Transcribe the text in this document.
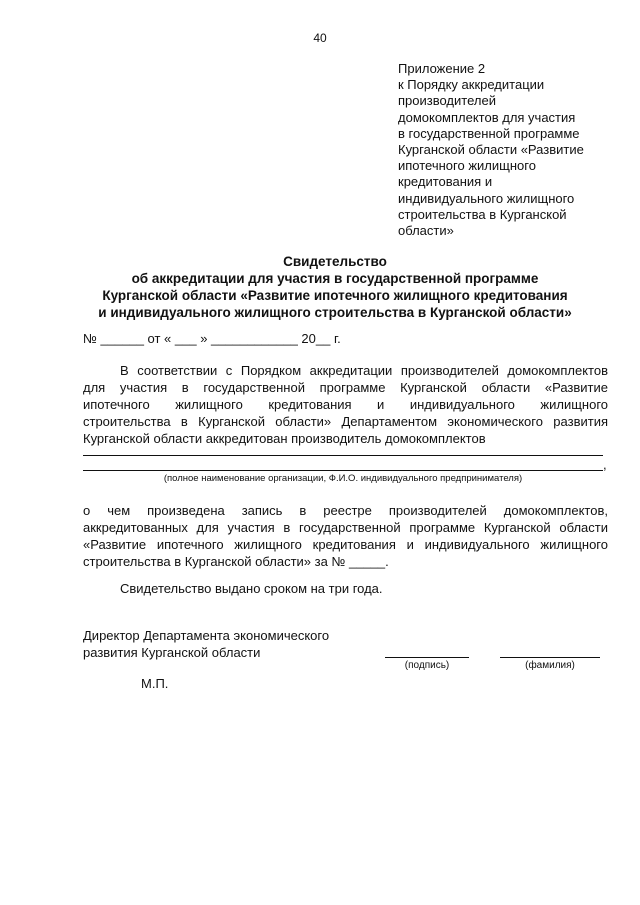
40
Приложение 2
к Порядку аккредитации
производителей
домокомплектов для участия
в государственной программе
Курганской области «Развитие
ипотечного жилищного
кредитования и
индивидуального жилищного
строительства в Курганской
области»
Свидетельство
об аккредитации для участия в государственной программе
Курганской области «Развитие ипотечного жилищного кредитования
и индивидуального жилищного строительства в Курганской области»
№ ______ от « ___ » ____________ 20__ г.
В соответствии с Порядком аккредитации производителей домокомплектов
для участия в государственной программе Курганской области «Развитие
ипотечного жилищного кредитования и индивидуального жилищного
строительства в Курганской области» Департаментом экономического развития
Курганской области аккредитован производитель домокомплектов
,
(полное наименование организации, Ф.И.О. индивидуального предпринимателя)
о чем произведена запись в реестре производителей домокомплектов,
аккредитованных для участия в государственной программе Курганской области
«Развитие ипотечного жилищного кредитования и индивидуального жилищного
строительства в Курганской области» за № _____.
Свидетельство выдано сроком на три года.
Директор Департамента экономического
развития Курганской области
(подпись)	(фамилия)
М.П.
